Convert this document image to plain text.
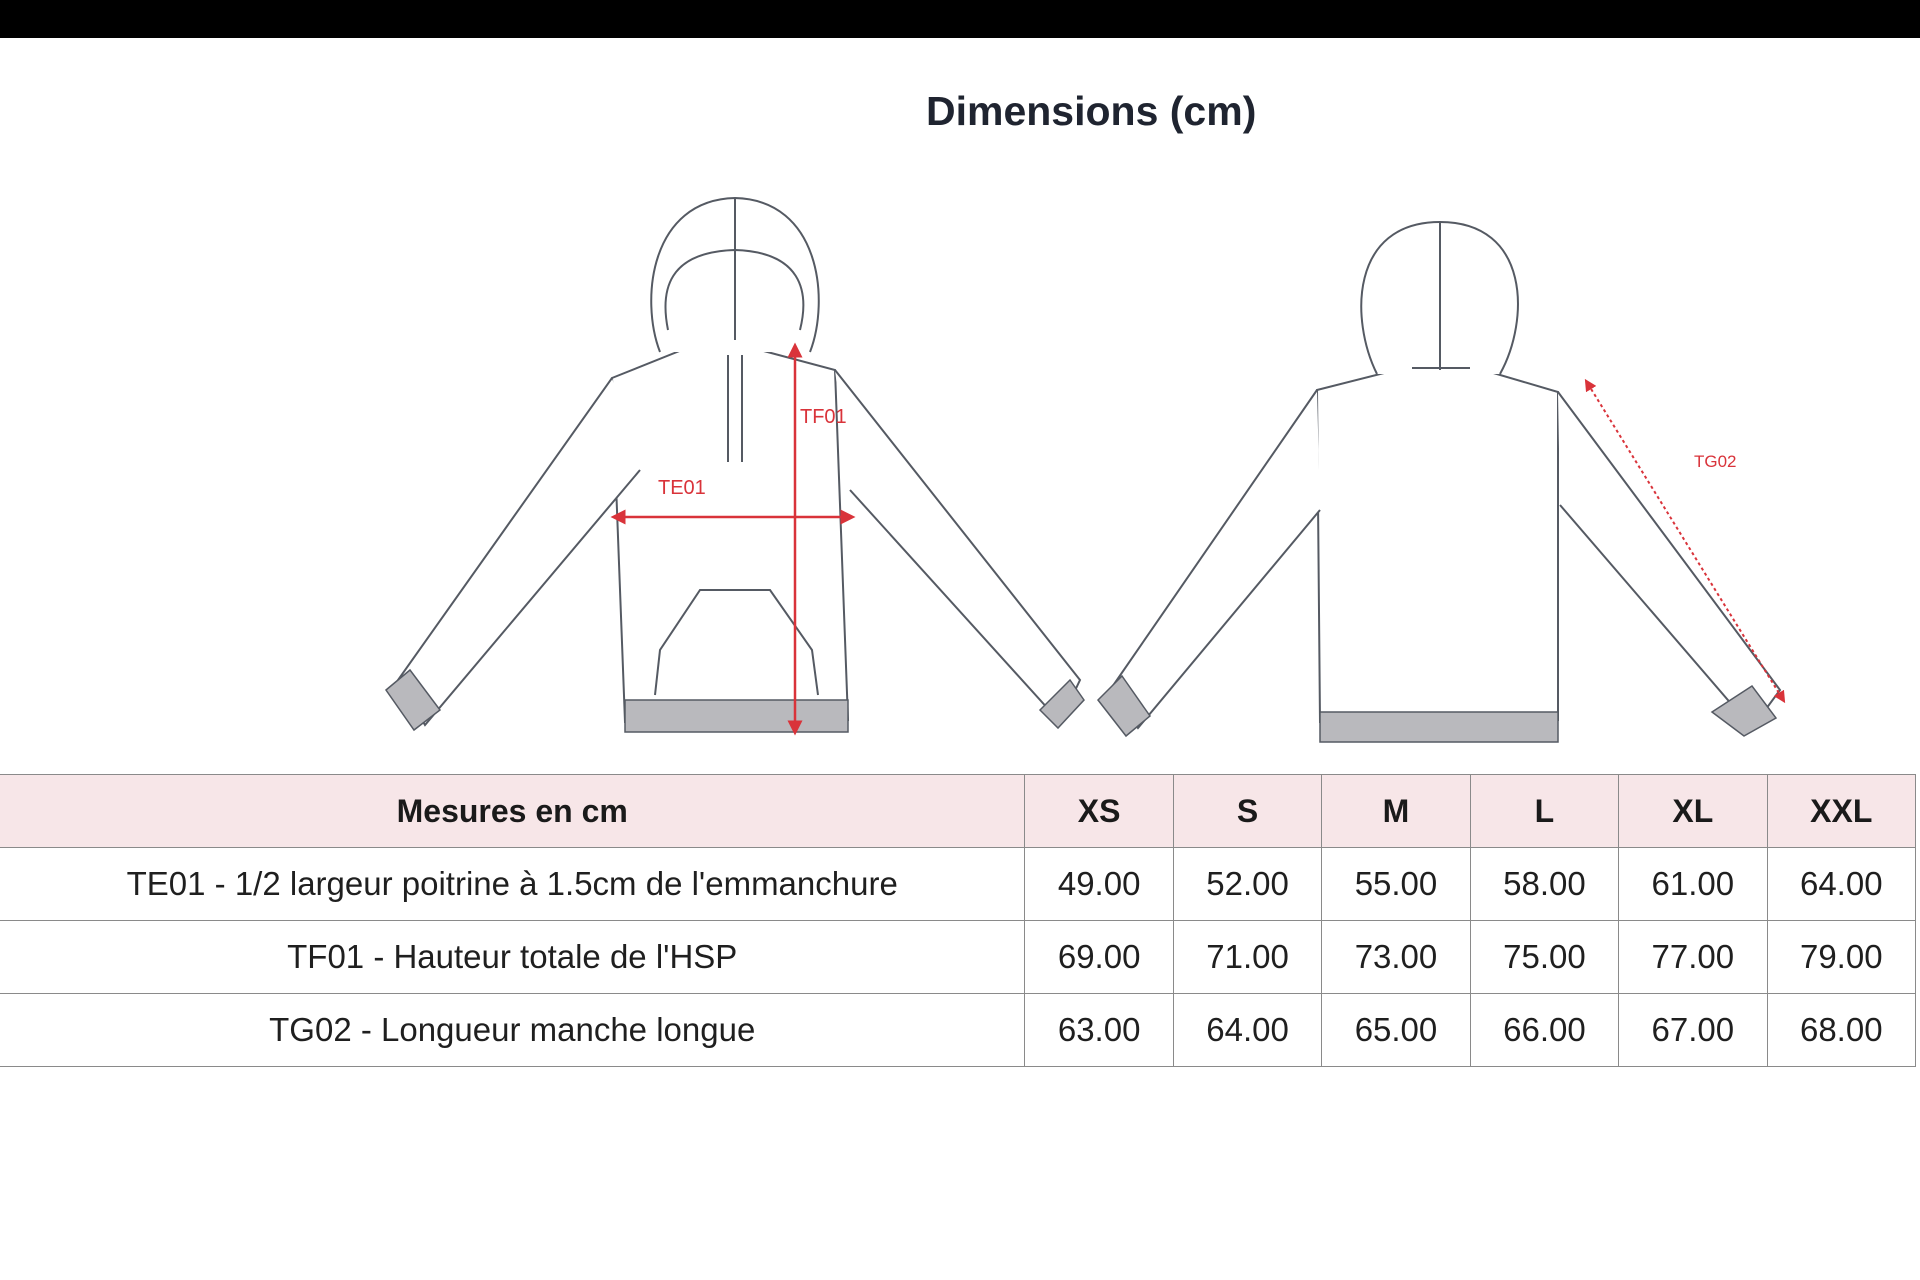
Dimensions (cm)
TF01
TE01
TG02
Mesures en cm	XS	S	M	L	XL	XXL
TE01 - 1/2 largeur poitrine à 1.5cm de l'emmanchure	49.00	52.00	55.00	58.00	61.00	64.00
TF01 - Hauteur totale de l'HSP	69.00	71.00	73.00	75.00	77.00	79.00
TG02 - Longueur manche longue	63.00	64.00	65.00	66.00	67.00	68.00
